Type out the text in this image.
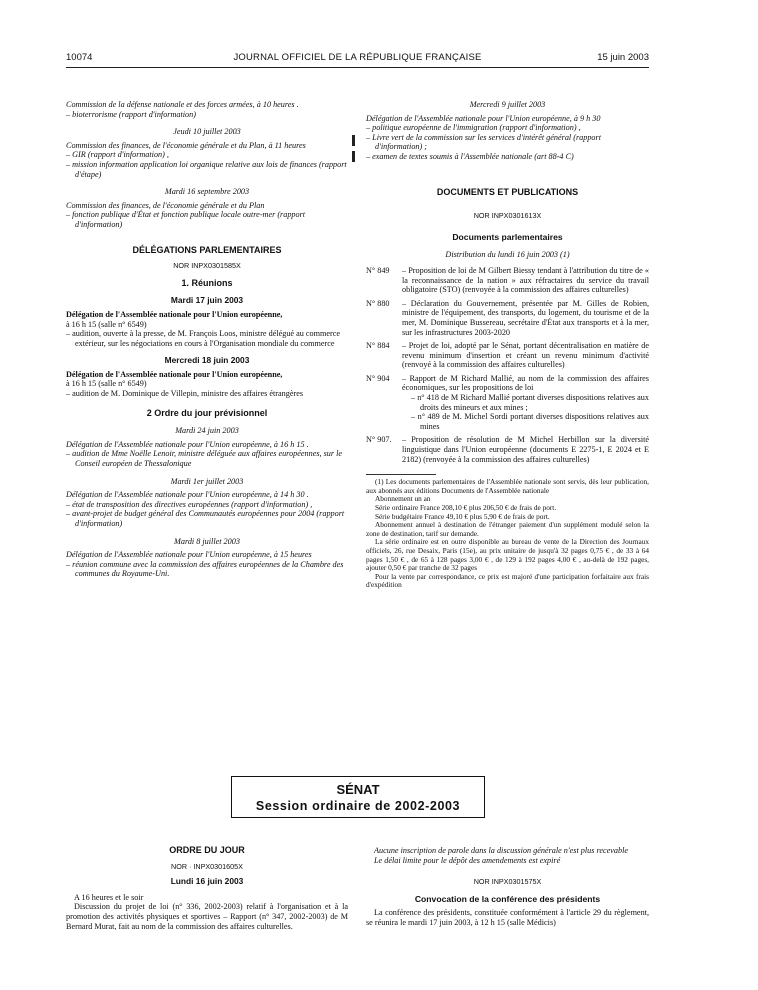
10074	JOURNAL OFFICIEL DE LA RÉPUBLIQUE FRANÇAISE	15 juin 2003

Commission de la défense nationale et des forces armées, à 10 heures .

– bioterrorisme (rapport d'information)

Jeudi 10 juillet 2003

Commission des finances, de l'économie générale et du Plan, à 11 heures

– GIR (rapport d'information) ,

– mission information application loi organique relative aux lois de finances (rapport d'étape)

Mardi 16 septembre 2003

Commission des finances, de l'économie générale et du Plan

– fonction publique d'État et fonction publique locale outre-mer (rapport d'information)

DÉLÉGATIONS PARLEMENTAIRES

NOR INPX0301585X

1. Réunions

Mardi 17 juin 2003

Délégation de l'Assemblée nationale pour l'Union européenne,

à 16 h 15 (salle n° 6549)

– audition, ouverte à la presse, de M. François Loos, ministre délégué au commerce extérieur, sur les négociations en cours à l'Organisation mondiale du commerce

Mercredi 18 juin 2003

Délégation de l'Assemblée nationale pour l'Union européenne,

à 16 h 15 (salle n° 6549)

– audition de M. Dominique de Villepin, ministre des affaires étrangères

2 Ordre du jour prévisionnel

Mardi 24 juin 2003

Délégation de l'Assemblée nationale pour l'Union européenne, à 16 h 15 .

– audition de Mme Noëlle Lenoir, ministre déléguée aux affaires européennes, sur le Conseil européen de Thessalonique

Mardi 1er juillet 2003

Délégation de l'Assemblée nationale pour l'Union européenne, à 14 h 30 .

– état de transposition des directives européennes (rapport d'information) ,

– avant-projet de budget général des Communautés européennes pour 2004 (rapport d'information)

Mardi 8 juillet 2003

Délégation de l'Assemblée nationale pour l'Union européenne, à 15 heures

– réunion commune avec la commission des affaires européennes de la Chambre des communes du Royaume-Uni.

Mercredi 9 juillet 2003

Délégation de l'Assemblée nationale pour l'Union européenne, à 9 h 30

– politique européenne de l'immigration (rapport d'information) ,

– Livre vert de la commission sur les services d'intérêt général (rapport d'information) ;

– examen de textes soumis à l'Assemblée nationale (art 88-4 C)

DOCUMENTS ET PUBLICATIONS

NOR INPX0301613X

Documents parlementaires

Distribution du lundi 16 juin 2003 (1)

N° 849	– Proposition de loi de M Gilbert Biessy tendant à l'attribution du titre de « la reconnaissance de la nation » aux réfractaires du service du travail obligatoire (STO) (renvoyée à la commission des affaires culturelles)
N° 880	– Déclaration du Gouvernement, présentée par M. Gilles de Robien, ministre de l'équipement, des transports, du logement, du tourisme et de la mer, M. Dominique Bussereau, secrétaire d'État aux transports et à la mer, sur les infrastructures 2003-2020
N° 884	– Projet de loi, adopté par le Sénat, portant décentralisation en matière de revenu minimum d'insertion et créant un revenu minimum d'activité (renvoyé à la commission des affaires culturelles)
N° 904	– Rapport de M Richard Mallié, au nom de la commission des affaires économiques, sur les propositions de loi
– n° 418 de M Richard Mallié portant diverses dispositions relatives aux droits des mineurs et aux mines ;
– n° 489 de M. Michel Sordi portant diverses dispositions relatives aux mines
N° 907.	– Proposition de résolution de M Michel Herbillon sur la diversité linguistique dans l'Union européenne (documents E 2275-1, E 2024 et E 2182) (renvoyée à la commission des affaires culturelles)

(1) Les documents parlementaires de l'Assemblée nationale sont servis, dès leur publication, aux abonnés aux éditions Documents de l'Assemblée nationale

Abonnement un an

Série ordinaire France 208,10 € plus 206,50 € de frais de port.

Série budgétaire France 49,10 € plus 5,90 € de frais de port.

Abonnement annuel à destination de l'étranger paiement d'un supplément modulé selon la zone de destination, tarif sur demande.

La série ordinaire est en outre disponible au bureau de vente de la Direction des Journaux officiels, 26, rue Desaix, Paris (15e), au prix unitaire de jusqu'à 32 pages 0,75 € , de 33 à 64 pages 1,50 € , de 65 à 128 pages 3,00 € , de 129 à 192 pages 4,00 € , au-delà de 192 pages, ajouter 0,50 € par tranche de 32 pages

Pour la vente par correspondance, ce prix est majoré d'une participation forfaitaire aux frais d'expédition

SÉNAT
Session ordinaire de 2002-2003

ORDRE DU JOUR

NOR · INPX0301605X

Lundi 16 juin 2003

A 16 heures et le soir

Discussion du projet de loi (n° 336, 2002-2003) relatif à l'organisation et à la promotion des activités physiques et sportives – Rapport (n° 347, 2002-2003) de M Bernard Murat, fait au nom de la commission des affaires culturelles.

Aucune inscription de parole dans la discussion générale n'est plus recevable

Le délai limite pour le dépôt des amendements est expiré

NOR INPX0301575X

Convocation de la conférence des présidents

La conférence des présidents, constituée conformément à l'article 29 du règlement, se réunira le mardi 17 juin 2003, à 12 h 15 (salle Médicis)
